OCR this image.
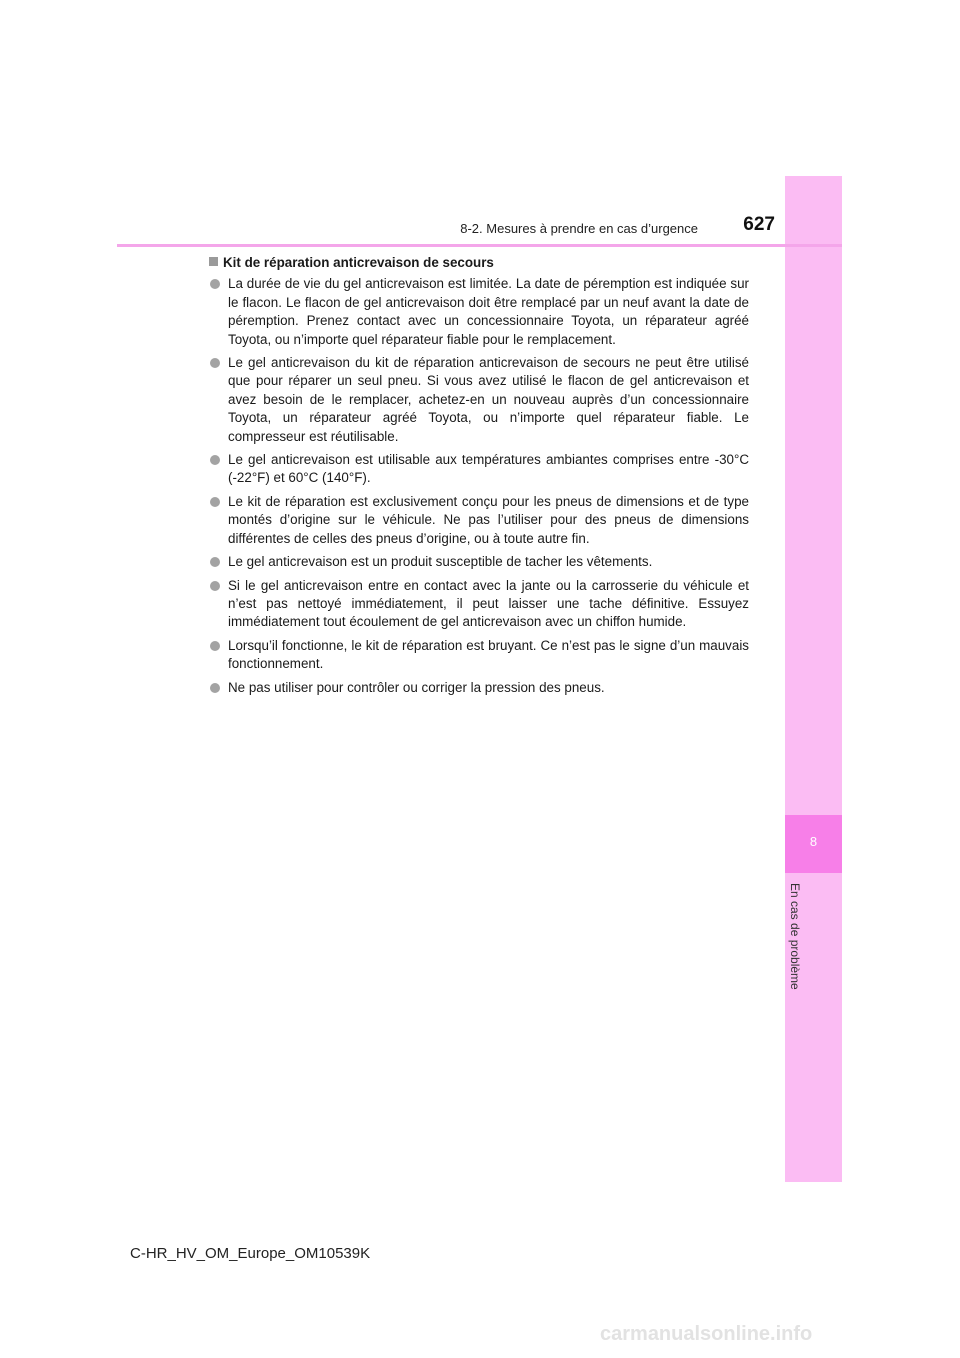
8
En cas de problème
8-2. Mesures à prendre en cas d’urgence	627
Kit de réparation anticrevaison de secours
La durée de vie du gel anticrevaison est limitée. La date de péremption est indiquée sur le flacon. Le flacon de gel anticrevaison doit être remplacé par un neuf avant la date de péremption. Prenez contact avec un concessionnaire Toyota, un réparateur agréé Toyota, ou n’importe quel réparateur fiable pour le remplacement.
Le gel anticrevaison du kit de réparation anticrevaison de secours ne peut être utilisé que pour réparer un seul pneu. Si vous avez utilisé le flacon de gel anticrevaison et avez besoin de le remplacer, achetez-en un nouveau auprès d’un concessionnaire Toyota, un réparateur agréé Toyota, ou n’importe quel réparateur fiable. Le compresseur est réutilisable.
Le gel anticrevaison est utilisable aux températures ambiantes comprises entre -30°C (-22°F) et 60°C (140°F).
Le kit de réparation est exclusivement conçu pour les pneus de dimensions et de type montés d’origine sur le véhicule. Ne pas l’utiliser pour des pneus de dimensions différentes de celles des pneus d’origine, ou à toute autre fin.
Le gel anticrevaison est un produit susceptible de tacher les vêtements.
Si le gel anticrevaison entre en contact avec la jante ou la carrosserie du véhicule et n’est pas nettoyé immédiatement, il peut laisser une tache définitive. Essuyez immédiatement tout écoulement de gel anticrevaison avec un chiffon humide.
Lorsqu’il fonctionne, le kit de réparation est bruyant. Ce n’est pas le signe d’un mauvais fonctionnement.
Ne pas utiliser pour contrôler ou corriger la pression des pneus.
C-HR_HV_OM_Europe_OM10539K
carmanualsonline.info
